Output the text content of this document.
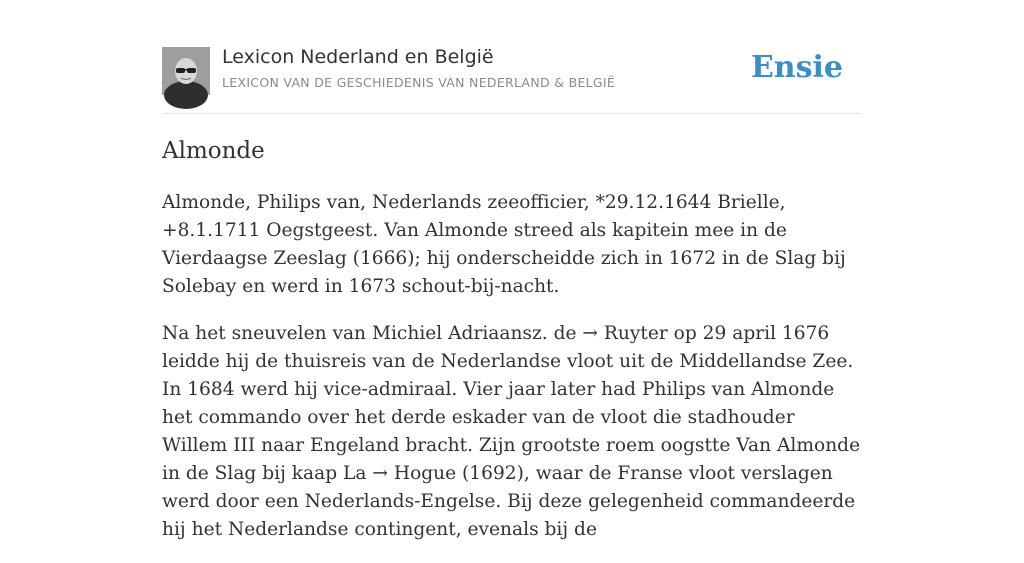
Lexicon Nederland en België
LEXICON VAN DE GESCHIEDENIS VAN NEDERLAND & BELGIË	Ensie
Almonde

Almonde, Philips van, Nederlands zeeofficier, *29.12.1644 Brielle, +8.1.1711 Oegstgeest. Van Almonde streed als kapitein mee in de Vierdaagse Zeeslag (1666); hij onderscheidde zich in 1672 in de Slag bij Solebay en werd in 1673 schout-bij-nacht.

Na het sneuvelen van Michiel Adriaansz. de → Ruyter op 29 april 1676 leidde hij de thuisreis van de Nederlandse vloot uit de Middellandse Zee. In 1684 werd hij vice-admiraal. Vier jaar later had Philips van Almonde het commando over het derde eskader van de vloot die stadhouder Willem III naar Engeland bracht. Zijn grootste roem oogstte Van Almonde in de Slag bij kaap La → Hogue (1692), waar de Franse vloot verslagen werd door een Nederlands-Engelse. Bij deze gelegenheid commandeerde hij het Nederlandse contingent, evenals bij de
